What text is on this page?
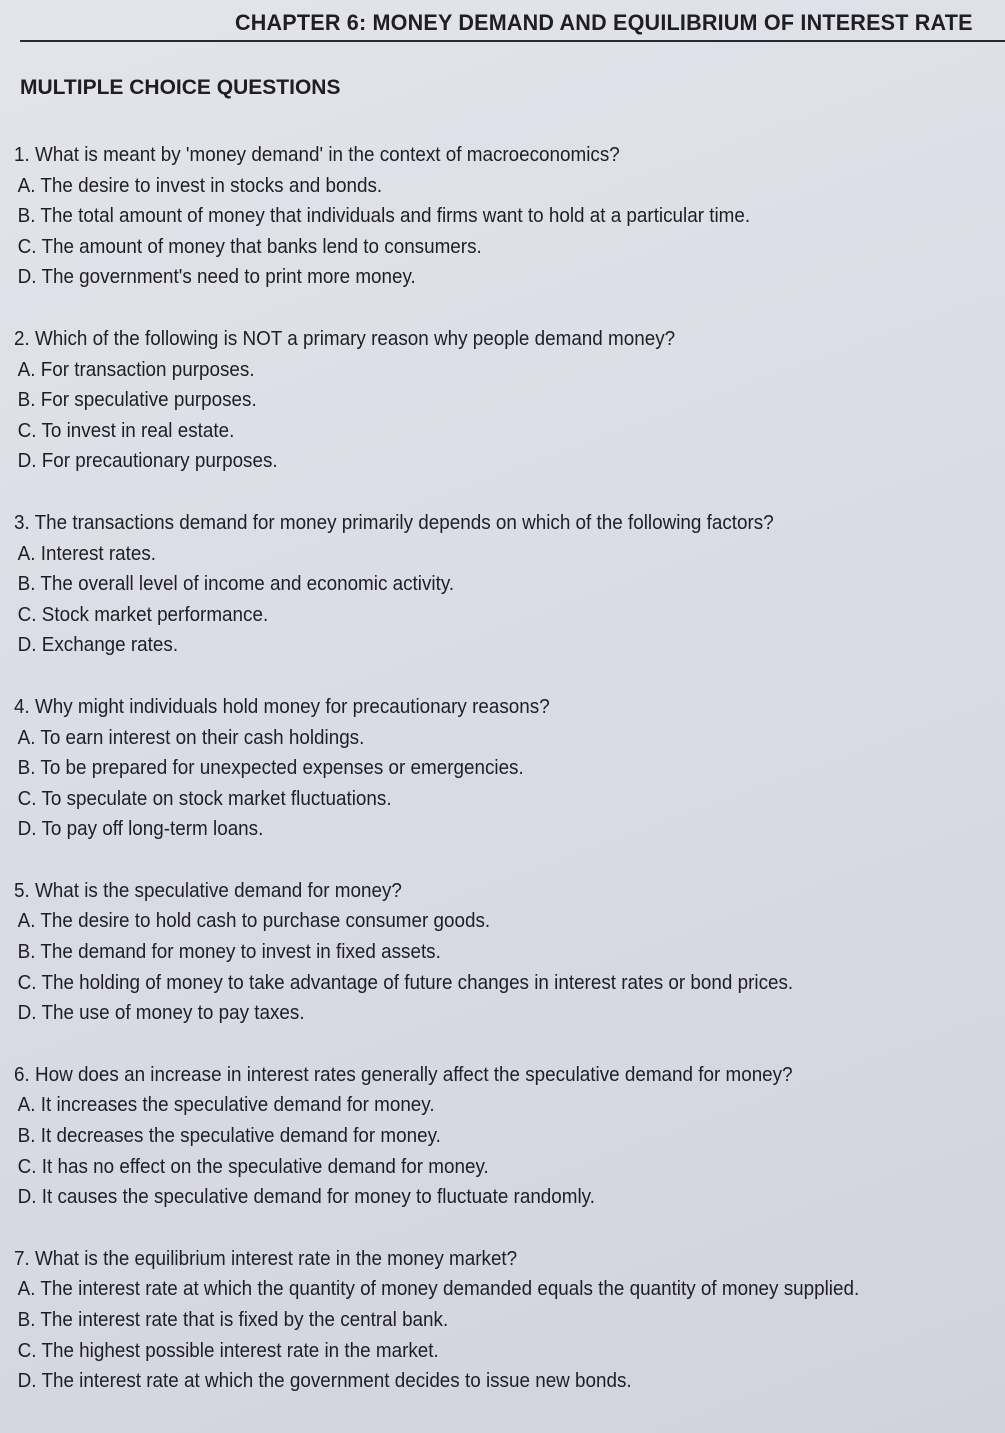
CHAPTER 6: MONEY DEMAND AND EQUILIBRIUM OF INTEREST RATE
MULTIPLE CHOICE QUESTIONS
1. What is meant by 'money demand' in the context of macroeconomics?
A. The desire to invest in stocks and bonds.
B. The total amount of money that individuals and firms want to hold at a particular time.
C. The amount of money that banks lend to consumers.
D. The government's need to print more money.
2. Which of the following is NOT a primary reason why people demand money?
A. For transaction purposes.
B. For speculative purposes.
C. To invest in real estate.
D. For precautionary purposes.
3. The transactions demand for money primarily depends on which of the following factors?
A. Interest rates.
B. The overall level of income and economic activity.
C. Stock market performance.
D. Exchange rates.
4. Why might individuals hold money for precautionary reasons?
A. To earn interest on their cash holdings.
B. To be prepared for unexpected expenses or emergencies.
C. To speculate on stock market fluctuations.
D. To pay off long-term loans.
5. What is the speculative demand for money?
A. The desire to hold cash to purchase consumer goods.
B. The demand for money to invest in fixed assets.
C. The holding of money to take advantage of future changes in interest rates or bond prices.
D. The use of money to pay taxes.
6. How does an increase in interest rates generally affect the speculative demand for money?
A. It increases the speculative demand for money.
B. It decreases the speculative demand for money.
C. It has no effect on the speculative demand for money.
D. It causes the speculative demand for money to fluctuate randomly.
7. What is the equilibrium interest rate in the money market?
A. The interest rate at which the quantity of money demanded equals the quantity of money supplied.
B. The interest rate that is fixed by the central bank.
C. The highest possible interest rate in the market.
D. The interest rate at which the government decides to issue new bonds.
